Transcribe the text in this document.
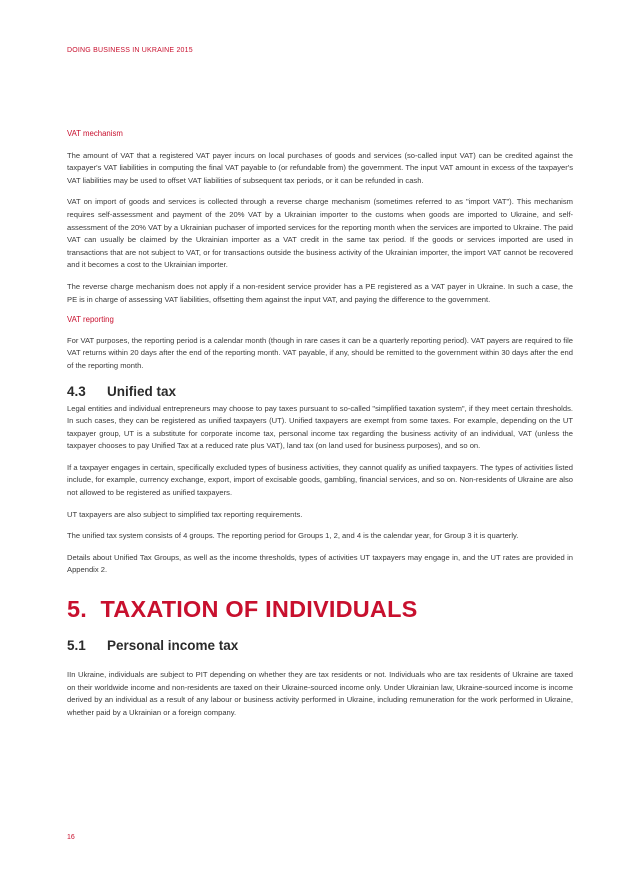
DOING BUSINESS IN UKRAINE 2015

VAT mechanism

The amount of VAT that a registered VAT payer incurs on local purchases of goods and services (so-called input VAT) can be credited against the taxpayer's VAT liabilities in computing the final VAT payable to (or refundable from) the government. The input VAT amount in excess of the taxpayer's VAT liabilities may be used to offset VAT liabilities of subsequent tax periods, or it can be refunded in cash.

VAT on import of goods and services is collected through a reverse charge mechanism (sometimes referred to as "import VAT"). This mechanism requires self-assessment and payment of the 20% VAT by a Ukrainian importer to the customs when goods are imported to Ukraine, and self-assessment of the 20% VAT by a Ukrainian puchaser of imported services for the reporting month when the services are imported to Ukraine. The paid VAT can usually be claimed by the Ukrainian importer as a VAT credit in the same tax period. If the goods or services imported are used in transactions that are not subject to VAT, or for transactions outside the business activity of the Ukrainian importer, the import VAT cannot be recovered and it becomes a cost to the Ukrainian importer.

The reverse charge mechanism does not apply if a non-resident service provider has a PE registered as a VAT payer in Ukraine. In such a case, the PE is in charge of assessing VAT liabilities, offsetting them against the input VAT, and paying the difference to the government.

VAT reporting

For VAT purposes, the reporting period is a calendar month (though in rare cases it can be a quarterly reporting period). VAT payers are required to file VAT returns within 20 days after the end of the reporting month. VAT payable, if any, should be remitted to the government within 30 days after the end of the reporting month.

4.3 Unified tax

Legal entities and individual entrepreneurs may choose to pay taxes pursuant to so-called "simplified taxation system", if they meet certain thresholds. In such cases, they can be registered as unified taxpayers (UT). Unified taxpayers are exempt from some taxes. For example, depending on the UT taxpayer group, UT is a substitute for corporate income tax, personal income tax regarding the business activity of an individual, VAT (unless the taxpayer chooses to pay Unified Tax at a reduced rate plus VAT), land tax (on land used for business purposes), and so on.

If a taxpayer engages in certain, specifically excluded types of business activities, they cannot qualify as unified taxpayers. The types of activities listed include, for example, currency exchange, export, import of excisable goods, gambling, financial services, and so on. Non-residents of Ukraine are also not allowed to be registered as unified taxpayers.

UT taxpayers are also subject to simplified tax reporting requirements.

The unified tax system consists of 4 groups. The reporting period for Groups 1, 2, and 4 is the calendar year, for Group 3 it is quarterly.

Details about Unified Tax Groups, as well as the income thresholds, types of activities UT taxpayers may engage in, and the UT rates are provided in Appendix 2.

5. TAXATION OF INDIVIDUALS
5.1 Personal income tax

IIn Ukraine, individuals are subject to PIT depending on whether they are tax residents or not. Individuals who are tax residents of Ukraine are taxed on their worldwide income and non-residents are taxed on their Ukraine-sourced income only. Under Ukrainian law, Ukraine-sourced income is income derived by an individual as a result of any labour or business activity performed in Ukraine, including remuneration for the work performed in Ukraine, whether paid by a Ukrainian or a foreign company.

16
